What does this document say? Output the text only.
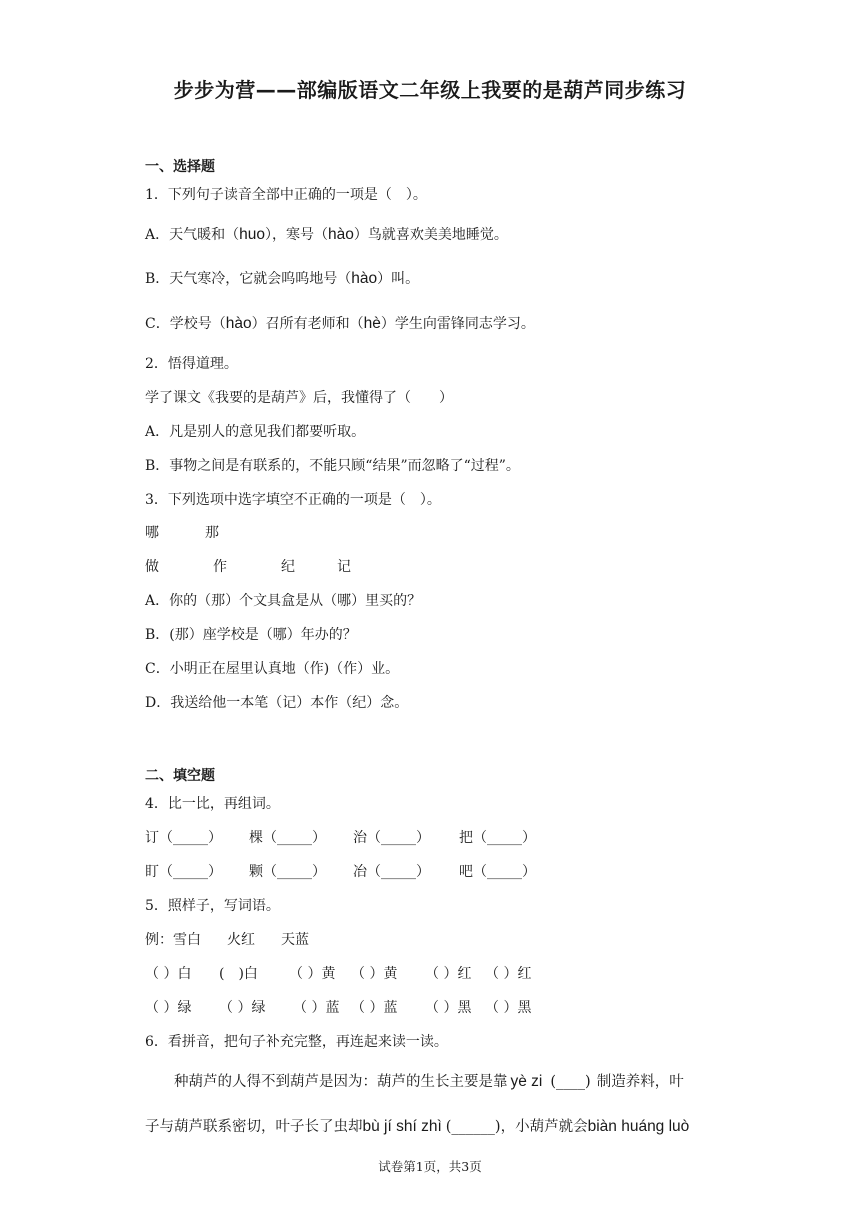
步步为营——部编版语文二年级上我要的是葫芦同步练习
一、选择题
1．下列句子读音全部中正确的一项是（　）。
A．天气暖和（huo），寒号（hào）鸟就喜欢美美地睡觉。
B．天气寒冷，它就会呜呜地号（hào）叫。
C．学校号（hào）召所有老师和（hè）学生向雷锋同志学习。
2．悟得道理。
学了课文《我要的是葫芦》后，我懂得了（　　）
A．凡是别人的意见我们都要听取。
B．事物之间是有联系的，不能只顾“结果”而忽略了“过程”。
3．下列选项中选字填空不正确的一项是（　）。
哪	那
做	作	纪	记
A．你的（那）个文具盒是从（哪）里买的？
B．(那）座学校是（哪）年办的？
C．小明正在屋里认真地（作)（作）业。
D．我送给他一本笔（记）本作（纪）念。
二、填空题
4．比一比，再组词。
订（_____） 棵（_____） 治（_____） 把（_____）
盯（_____） 颗（_____） 冶（_____） 吧（_____）
5．照样子，写词语。
例：雪白 火红 天蓝
（ ）白 (　)白 （ ）黄 （ ）黄 （ ）红 （ ）红
（ ）绿 （ ）绿 （ ）蓝 （ ）蓝 （ ）黑 （ ）黑
6．看拼音，把句子补充完整，再连起来读一读。
种葫芦的人得不到葫芦是因为：葫芦的生长主要是靠 yè zi (____) 制造养料，叶
子与葫芦联系密切，叶子长了虫却bù jí shí zhì (______)，小葫芦就会biàn huáng luò
试卷第1页，共3页
